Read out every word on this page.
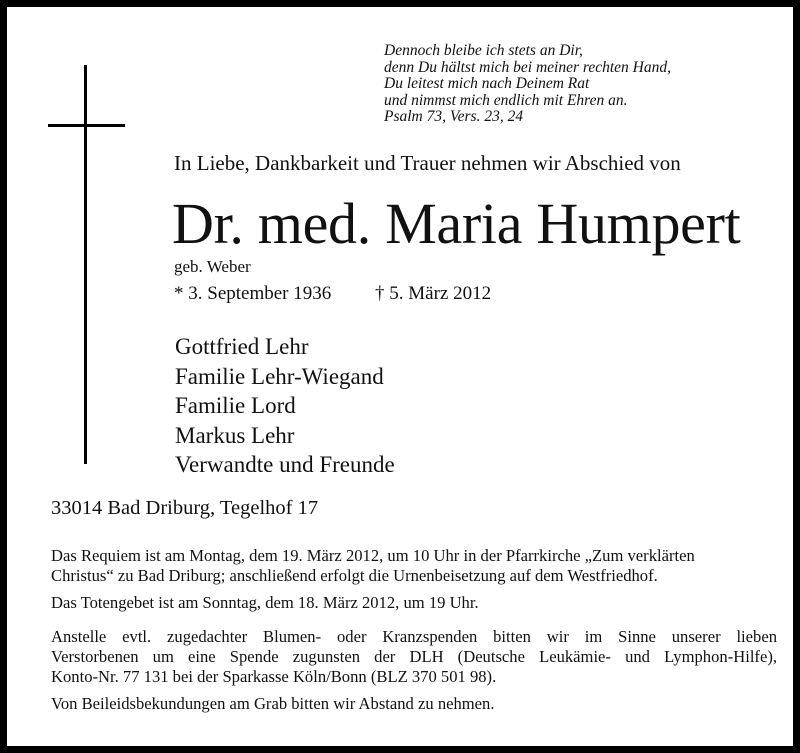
Dennoch bleibe ich stets an Dir,
denn Du hältst mich bei meiner rechten Hand,
Du leitest mich nach Deinem Rat
und nimmst mich endlich mit Ehren an.
Psalm 73, Vers. 23, 24
In Liebe, Dankbarkeit und Trauer nehmen wir Abschied von
Dr. med. Maria Humpert
geb. Weber
* 3. September 1936 † 5. März 2012
Gottfried Lehr
Familie Lehr-Wiegand
Familie Lord
Markus Lehr
Verwandte und Freunde
33014 Bad Driburg, Tegelhof 17
Das Requiem ist am Montag, dem 19. März 2012, um 10 Uhr in der Pfarrkirche „Zum verklärten
Christus“ zu Bad Driburg; anschließend erfolgt die Urnenbeisetzung auf dem Westfriedhof.
Das Totengebet ist am Sonntag, dem 18. März 2012, um 19 Uhr.
Anstelle evtl. zugedachter Blumen- oder Kranzspenden bitten wir im Sinne unserer lieben
Verstorbenen um eine Spende zugunsten der DLH (Deutsche Leukämie- und Lymphon-Hilfe),
Konto-Nr. 77 131 bei der Sparkasse Köln/Bonn (BLZ 370 501 98).
Von Beileidsbekundungen am Grab bitten wir Abstand zu nehmen.
